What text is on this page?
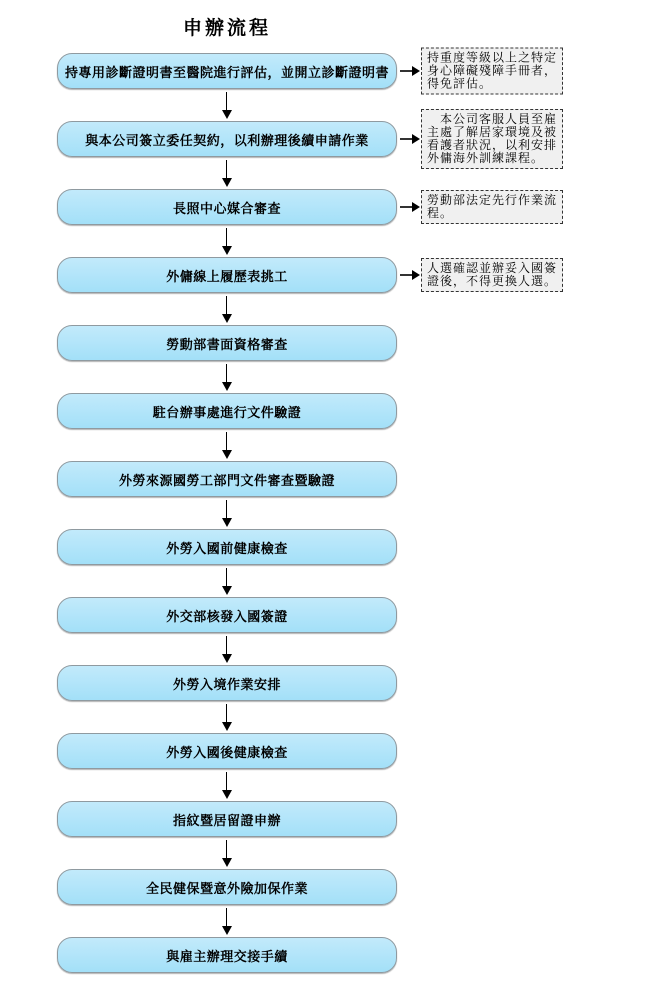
申辦流程
持專用診斷證明書至醫院進行評估，並開立診斷證明書
持重度等級以上之特定身心障礙殘障手冊者，得免評估。
與本公司簽立委任契約，以利辦理後續申請作業
　本公司客服人員至雇主處了解居家環境及被看護者狀況，以利安排外傭海外訓練課程。
長照中心媒合審查
勞動部法定先行作業流程。
外傭線上履歷表挑工
人選確認並辦妥入國簽證後，不得更換人選。
勞動部書面資格審查
駐台辦事處進行文件驗證
外勞來源國勞工部門文件審查暨驗證
外勞入國前健康檢查
外交部核發入國簽證
外勞入境作業安排
外勞入國後健康檢查
指紋暨居留證申辦
全民健保暨意外險加保作業
與雇主辦理交接手續
